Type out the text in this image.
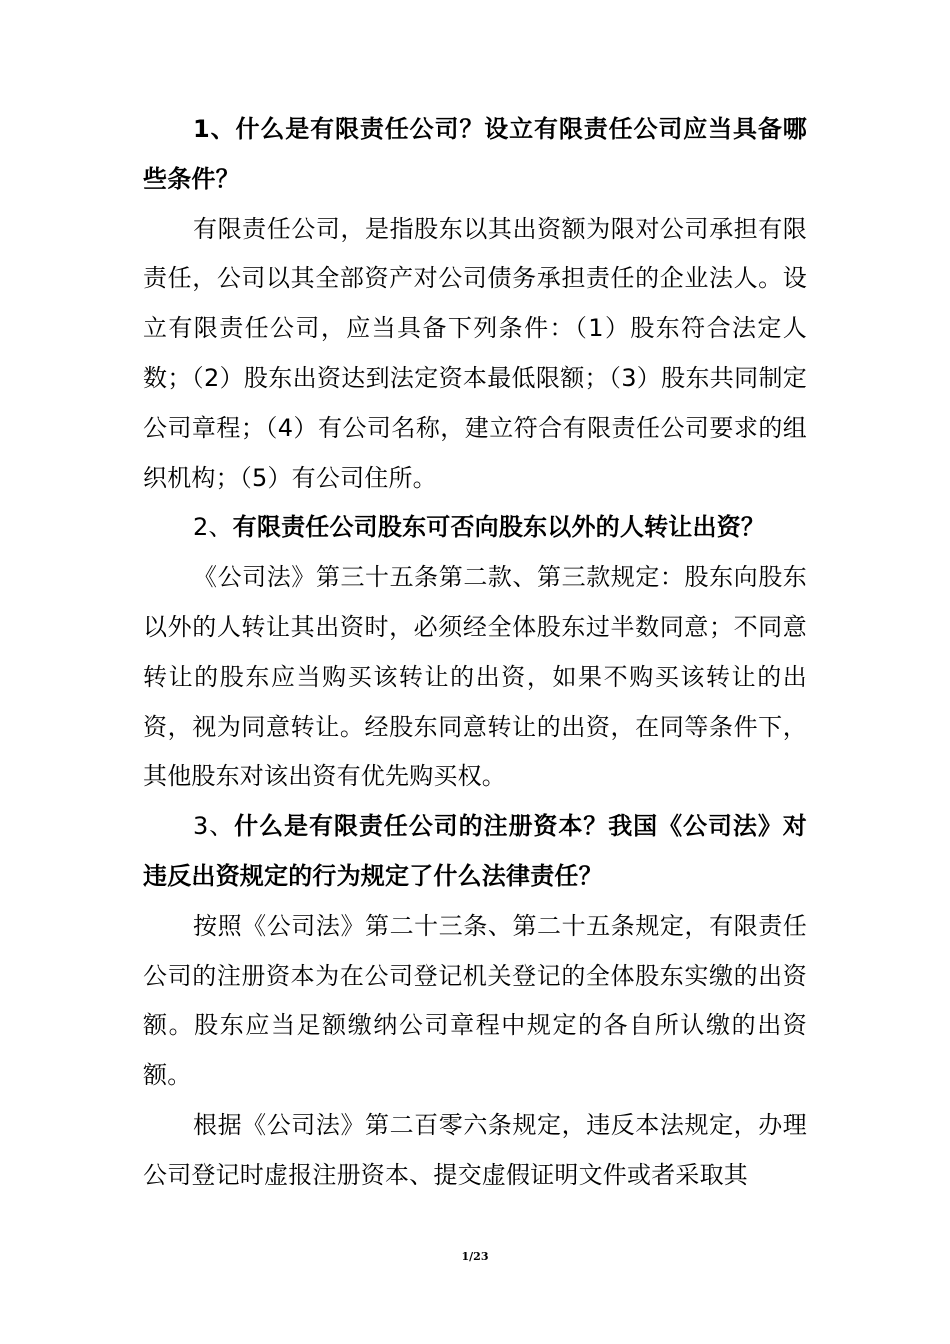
1、什么是有限责任公司？设立有限责任公司应当具备哪些条件？

有限责任公司，是指股东以其出资额为限对公司承担有限责任，公司以其全部资产对公司债务承担责任的企业法人。设立有限责任公司，应当具备下列条件：（1）股东符合法定人数；（2）股东出资达到法定资本最低限额；（3）股东共同制定公司章程；（4）有公司名称，建立符合有限责任公司要求的组织机构；（5）有公司住所。

2、有限责任公司股东可否向股东以外的人转让出资？

《公司法》第三十五条第二款、第三款规定：股东向股东以外的人转让其出资时，必须经全体股东过半数同意；不同意转让的股东应当购买该转让的出资，如果不购买该转让的出资，视为同意转让。经股东同意转让的出资，在同等条件下，其他股东对该出资有优先购买权。

3、什么是有限责任公司的注册资本？我国《公司法》对违反出资规定的行为规定了什么法律责任？

按照《公司法》第二十三条、第二十五条规定，有限责任公司的注册资本为在公司登记机关登记的全体股东实缴的出资额。股东应当足额缴纳公司章程中规定的各自所认缴的出资额。

根据《公司法》第二百零六条规定，违反本法规定，办理公司登记时虚报注册资本、提交虚假证明文件或者采取其

1/23
